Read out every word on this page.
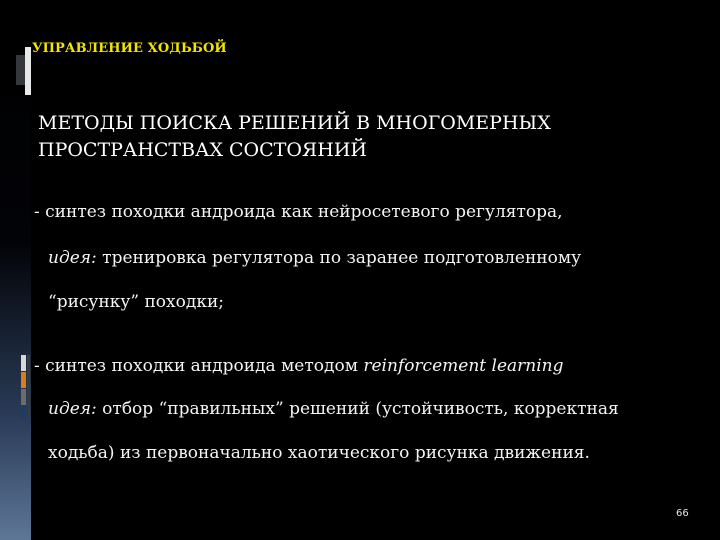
УПРАВЛЕНИЕ ХОДЬБОЙ
МЕТОДЫ ПОИСКА РЕШЕНИЙ В МНОГОМЕРНЫХ
ПРОСТРАНСТВАХ СОСТОЯНИЙ
- синтез походки андроида как нейросетевого регулятора,
идея: тренировка регулятора по заранее подготовленному
“рисунку” походки;
- синтез походки андроида методом reinforcement learning
идея: отбор “правильных” решений (устойчивость, корректная
ходьба) из первоначально хаотического рисунка движения.
66
